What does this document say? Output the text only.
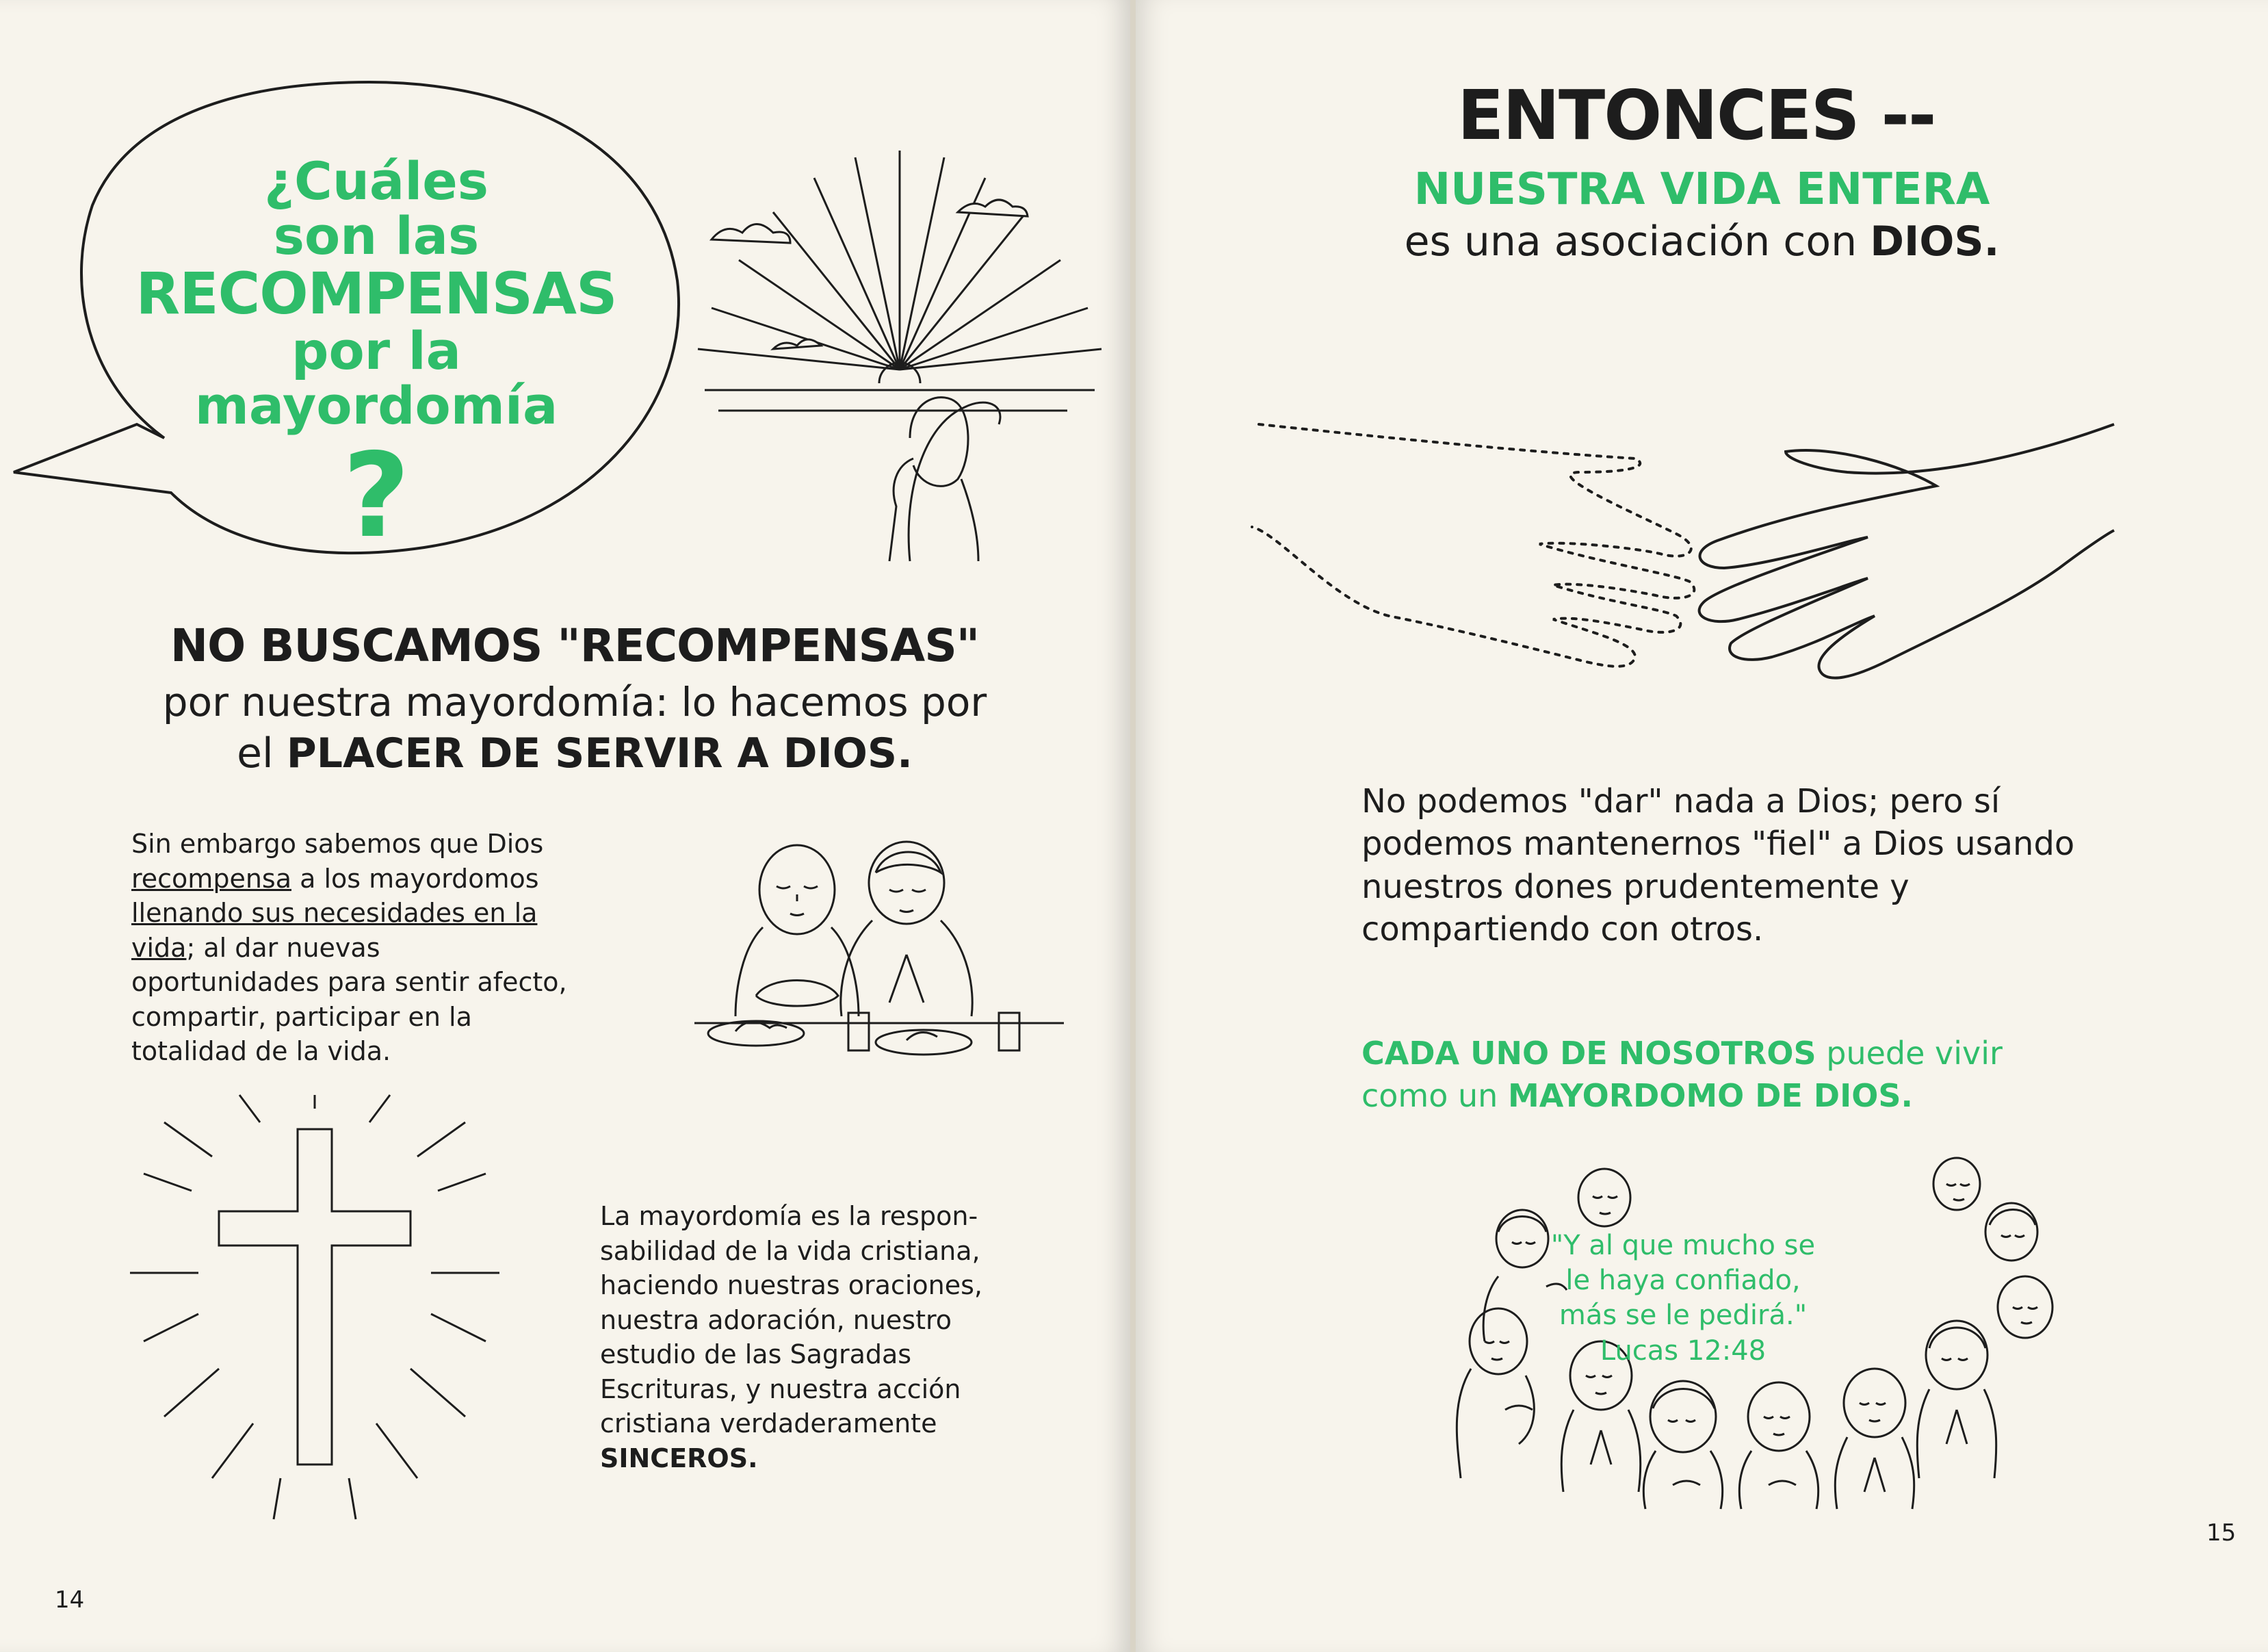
¿Cuáles
son las
RECOMPENSAS
por la
mayordomía
?
NO BUSCAMOS "RECOMPENSAS"
por nuestra mayordomía: lo hacemos por
el PLACER DE SERVIR A DIOS.
Sin embargo sabemos que Dios recompensa a los mayordomos llenando sus necesidades en la vida; al dar nuevas oportunidades para sentir afecto, compartir, participar en la totalidad de la vida.
La mayordomía es la respon- sabilidad de la vida cristiana, haciendo nuestras oraciones, nuestra adoración, nuestro estudio de las Sagradas Escrituras, y nuestra acción cristiana verdaderamente SINCEROS.
14
ENTONCES --
NUESTRA VIDA ENTERA
es una asociación con DIOS.
No podemos "dar" nada a Dios; pero sí podemos mantenernos "fiel" a Dios usando nuestros dones prudentemente y compartiendo con otros.
CADA UNO DE NOSOTROS puede vivir como un MAYORDOMO DE DIOS.
"Y al que mucho se le haya confiado, más se le pedirá."
Lucas 12:48
15
